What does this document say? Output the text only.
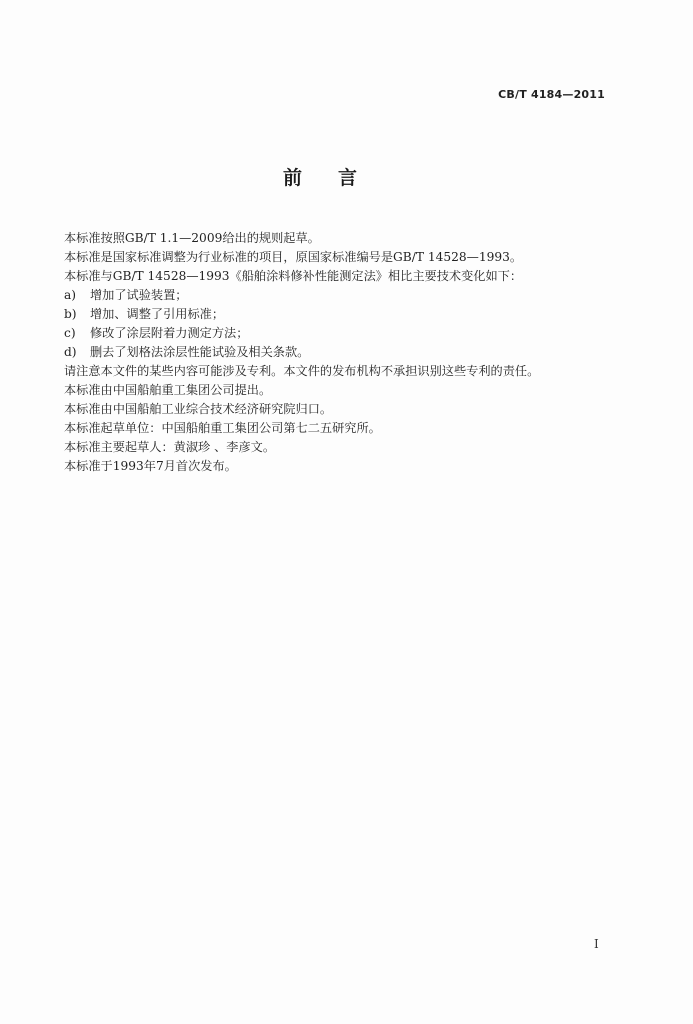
CB/T 4184—2011
前 言
本标准按照GB/T 1.1—2009给出的规则起草。
本标准是国家标准调整为行业标准的项目，原国家标准编号是GB/T 14528—1993。
本标准与GB/T 14528—1993《船舶涂料修补性能测定法》相比主要技术变化如下：
a) 增加了试验装置；
b) 增加、调整了引用标准；
c) 修改了涂层附着力测定方法；
d) 删去了划格法涂层性能试验及相关条款。
请注意本文件的某些内容可能涉及专利。本文件的发布机构不承担识别这些专利的责任。
本标准由中国船舶重工集团公司提出。
本标准由中国船舶工业综合技术经济研究院归口。
本标准起草单位：中国船舶重工集团公司第七二五研究所。
本标准主要起草人：黄淑珍 、李彦文。
本标准于1993年7月首次发布。
I
